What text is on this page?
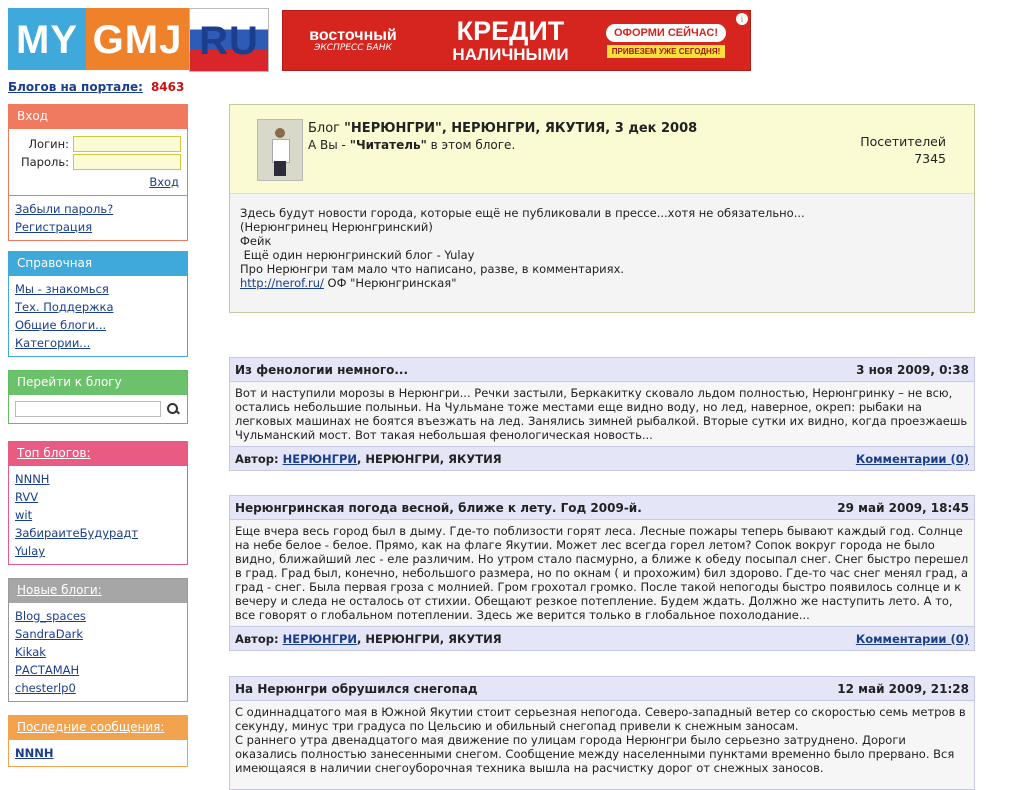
MY GMJ RU	восточный
ЭКСПРЕСС БАНК
КРЕДИТ
НАЛИЧНЫМИ
ОФОРМИ СЕЙЧАС!
ПРИВЕЗЕМ УЖЕ СЕГОДНЯ!
i
Блогов на портале: 8463
Вход
Логин:
Пароль:
Вход
Забыли пароль?
Регистрация
Справочная
Мы - знакомься
Тех. Поддержка
Общие блоги...
Категории...
Перейти к блогу
Топ блогов:
NNNH
RVV
wit
ЗабираитеБудурадт
Yulay
Новые блоги:
Blog_spaces
SandraDark
Kikak
РАСТАМАН
chesterlp0
Последние сообщения:
NNNH
Блог "НЕРЮНГРИ", НЕРЮНГРИ, ЯКУТИЯ, 3 дек 2008
А Вы - "Читатель" в этом блоге.	Посетителей
7345
Здесь будут новости города, которые ещё не публиковали в прессе...хотя не обязательно...
(Нерюнгринец Нерюнгринский)
Фейк
Ещё один нерюнгринский блог - Yulay
Про Нерюнгри там мало что написано, разве, в комментариях.
http://nerof.ru/ ОФ "Нерюнгринская"
Из фенологии немного...	3 ноя 2009, 0:38
Вот и наступили морозы в Нерюнгри... Речки застыли, Беркакитку сковало льдом полностью, Нерюнгринку – не всю, остались небольшие полыньи. На Чульмане тоже местами еще видно воду, но лед, наверное, окреп: рыбаки на легковых машинах не боятся въезжать на лед. Занялись зимней рыбалкой. Вторые сутки их видно, когда проезжаешь Чульманский мост. Вот такая небольшая фенологическая новость...
Автор: НЕРЮНГРИ, НЕРЮНГРИ, ЯКУТИЯ	Комментарии (0)
Нерюнгринская погода весной, ближе к лету. Год 2009-й.	29 май 2009, 18:45
Еще вчера весь город был в дыму. Где-то поблизости горят леса. Лесные пожары теперь бывают каждый год. Солнце на небе белое - белое. Прямо, как на флаге Якутии. Может лес всегда горел летом? Сопок вокруг города не было видно, ближайший лес - еле различим. Но утром стало пасмурно, а ближе к обеду посыпал снег. Снег быстро перешел в град. Град был, конечно, небольшого размера, но по окнам ( и прохожим) бил здорово. Где-то час снег менял град, а град - снег. Была первая гроза с молнией. Гром грохотал громко. После такой непогоды быстро появилось солнце и к вечеру и следа не осталось от стихии. Обещают резкое потепление. Будем ждать. Должно же наступить лето. А то, все говорят о глобальном потеплении. Здесь же верится только в глобальное похолодание...
Автор: НЕРЮНГРИ, НЕРЮНГРИ, ЯКУТИЯ	Комментарии (0)
На Нерюнгри обрушился снегопад	12 май 2009, 21:28
С одиннадцатого мая в Южной Якутии стоит серьезная непогода. Северо-западный ветер со скоростью семь метров в секунду, минус три градуса по Цельсию и обильный снегопад привели к снежным заносам.
С раннего утра двенадцатого мая движение по улицам города Нерюнгри было серьезно затруднено. Дороги оказались полностью занесенными снегом. Сообщение между населенными пунктами временно было прервано. Вся имеющаяся в наличии снегоуборочная техника вышла на расчистку дорог от снежных заносов.
